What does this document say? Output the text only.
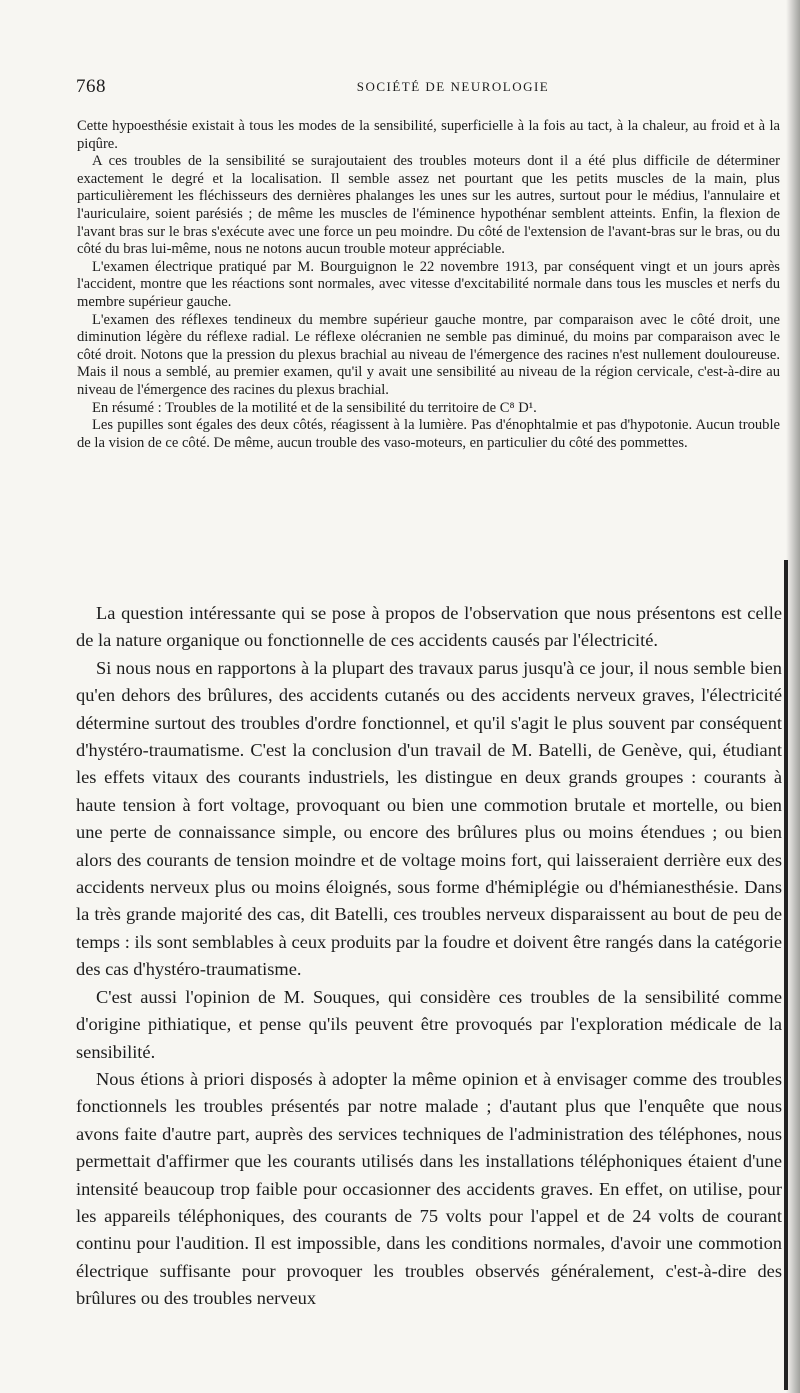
768	SOCIÉTÉ DE NEUROLOGIE

Cette hypoesthésie existait à tous les modes de la sensibilité, superficielle à la fois au tact, à la chaleur, au froid et à la piqûre.

A ces troubles de la sensibilité se surajoutaient des troubles moteurs dont il a été plus difficile de déterminer exactement le degré et la localisation. Il semble assez net pourtant que les petits muscles de la main, plus particulièrement les fléchisseurs des dernières phalanges les unes sur les autres, surtout pour le médius, l'annulaire et l'auriculaire, soient parésiés ; de même les muscles de l'éminence hypothénar semblent atteints. Enfin, la flexion de l'avant bras sur le bras s'exécute avec une force un peu moindre. Du côté de l'extension de l'avant-bras sur le bras, ou du côté du bras lui-même, nous ne notons aucun trouble moteur appréciable.

L'examen électrique pratiqué par M. Bourguignon le 22 novembre 1913, par conséquent vingt et un jours après l'accident, montre que les réactions sont normales, avec vitesse d'excitabilité normale dans tous les muscles et nerfs du membre supérieur gauche.

L'examen des réflexes tendineux du membre supérieur gauche montre, par comparaison avec le côté droit, une diminution légère du réflexe radial. Le réflexe olécranien ne semble pas diminué, du moins par comparaison avec le côté droit. Notons que la pression du plexus brachial au niveau de l'émergence des racines n'est nullement douloureuse. Mais il nous a semblé, au premier examen, qu'il y avait une sensibilité au niveau de la région cervicale, c'est-à-dire au niveau de l'émergence des racines du plexus brachial.

En résumé : Troubles de la motilité et de la sensibilité du territoire de C⁸ D¹.

Les pupilles sont égales des deux côtés, réagissent à la lumière. Pas d'énophtalmie et pas d'hypotonie. Aucun trouble de la vision de ce côté. De même, aucun trouble des vaso-moteurs, en particulier du côté des pommettes.

La question intéressante qui se pose à propos de l'observation que nous présentons est celle de la nature organique ou fonctionnelle de ces accidents causés par l'électricité.

Si nous nous en rapportons à la plupart des travaux parus jusqu'à ce jour, il nous semble bien qu'en dehors des brûlures, des accidents cutanés ou des accidents nerveux graves, l'électricité détermine surtout des troubles d'ordre fonctionnel, et qu'il s'agit le plus souvent par conséquent d'hystéro-traumatisme. C'est la conclusion d'un travail de M. Batelli, de Genève, qui, étudiant les effets vitaux des courants industriels, les distingue en deux grands groupes : courants à haute tension à fort voltage, provoquant ou bien une commotion brutale et mortelle, ou bien une perte de connaissance simple, ou encore des brûlures plus ou moins étendues ; ou bien alors des courants de tension moindre et de voltage moins fort, qui laisseraient derrière eux des accidents nerveux plus ou moins éloignés, sous forme d'hémiplégie ou d'hémianesthésie. Dans la très grande majorité des cas, dit Batelli, ces troubles nerveux disparaissent au bout de peu de temps : ils sont semblables à ceux produits par la foudre et doivent être rangés dans la catégorie des cas d'hystéro-traumatisme.

C'est aussi l'opinion de M. Souques, qui considère ces troubles de la sensibilité comme d'origine pithiatique, et pense qu'ils peuvent être provoqués par l'exploration médicale de la sensibilité.

Nous étions à priori disposés à adopter la même opinion et à envisager comme des troubles fonctionnels les troubles présentés par notre malade ; d'autant plus que l'enquête que nous avons faite d'autre part, auprès des services techniques de l'administration des téléphones, nous permettait d'affirmer que les courants utilisés dans les installations téléphoniques étaient d'une intensité beaucoup trop faible pour occasionner des accidents graves. En effet, on utilise, pour les appareils téléphoniques, des courants de 75 volts pour l'appel et de 24 volts de courant continu pour l'audition. Il est impossible, dans les conditions normales, d'avoir une commotion électrique suffisante pour provoquer les troubles observés généralement, c'est-à-dire des brûlures ou des troubles nerveux
